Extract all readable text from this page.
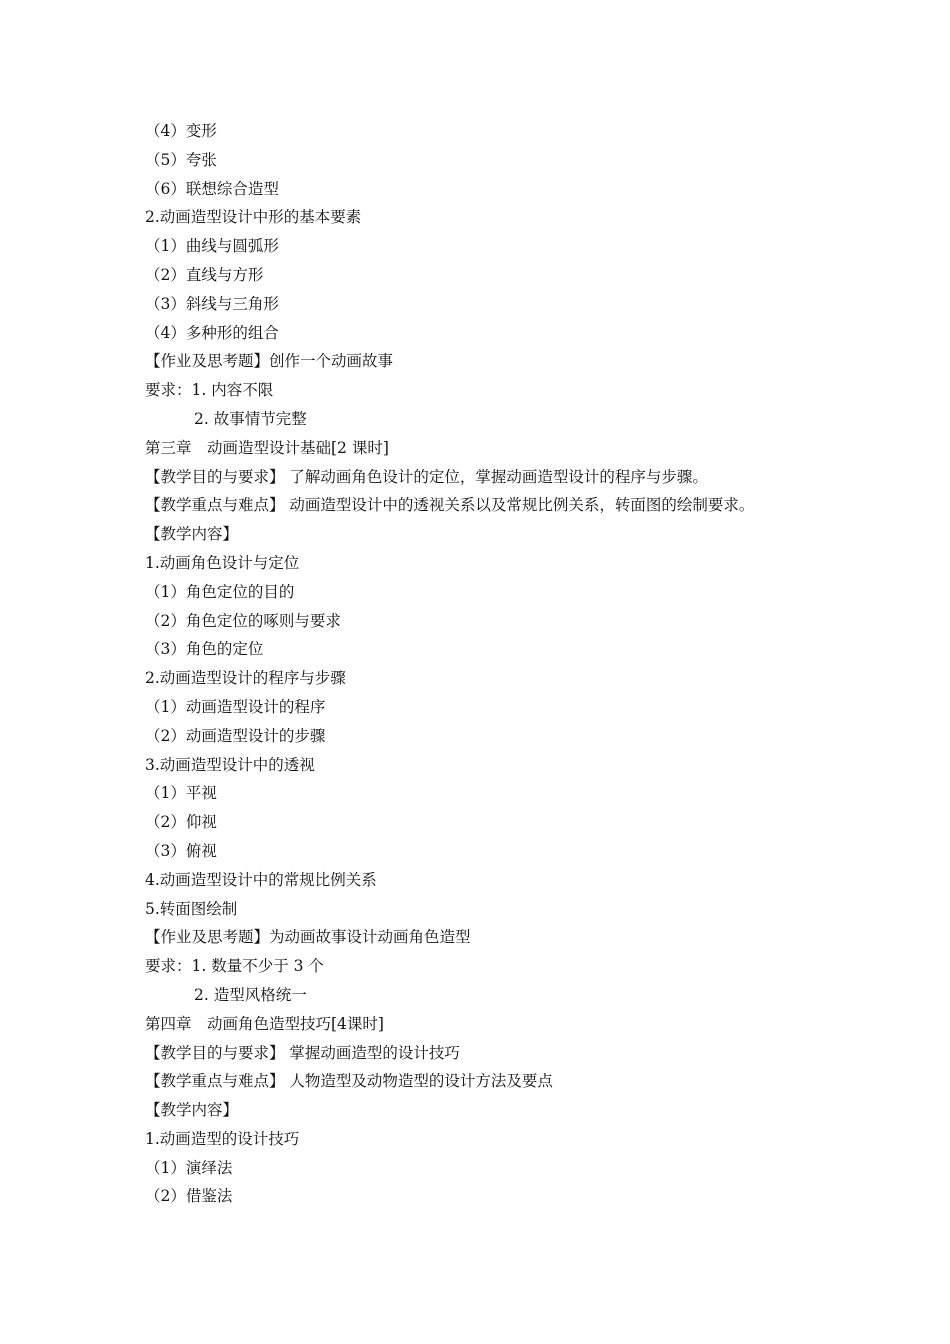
（4）变形
（5）夸张
（6）联想综合造型
2.动画造型设计中形的基本要素
（1）曲线与圆弧形
（2）直线与方形
（3）斜线与三角形
（4）多种形的组合
【作业及思考题】创作一个动画故事
要求：1. 内容不限
2. 故事情节完整
第三章　动画造型设计基础[2 课时]
【教学目的与要求】 了解动画角色设计的定位，掌握动画造型设计的程序与步骤。
【教学重点与难点】 动画造型设计中的透视关系以及常规比例关系，转面图的绘制要求。
【教学内容】
1.动画角色设计与定位
（1）角色定位的目的
（2）角色定位的啄则与要求
（3）角色的定位
2.动画造型设计的程序与步骤
（1）动画造型设计的程序
（2）动画造型设计的步骤
3.动画造型设计中的透视
（1）平视
（2）仰视
（3）俯视
4.动画造型设计中的常规比例关系
5.转面图绘制
【作业及思考题】为动画故事设计动画角色造型
要求：1. 数量不少于 3 个
2. 造型风格统一
第四章　动画角色造型技巧[4课时]
【教学目的与要求】 掌握动画造型的设计技巧
【教学重点与难点】 人物造型及动物造型的设计方法及要点
【教学内容】
1.动画造型的设计技巧
（1）演绎法
（2）借鉴法
